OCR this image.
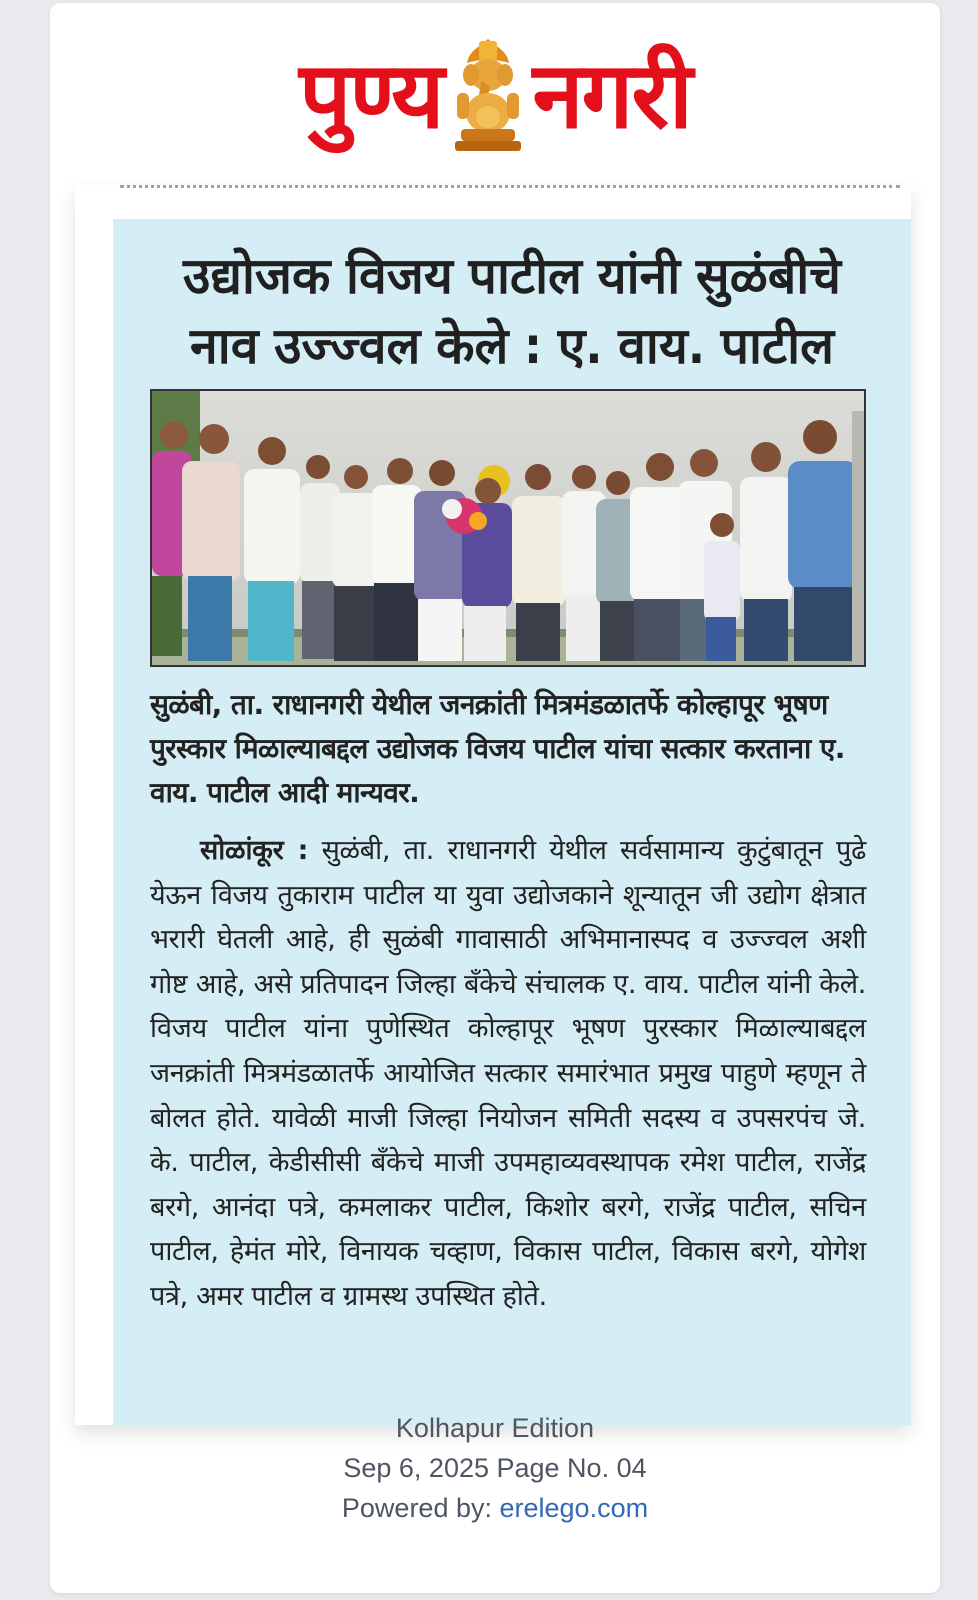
पुण्य नगरी
उद्योजक विजय पाटील यांनी सुळंबीचे
नाव उज्ज्वल केले : ए. वाय. पाटील
सुळंबी, ता. राधानगरी येथील जनक्रांती मित्रमंडळातर्फे कोल्हापूर भूषण पुरस्कार मिळाल्याबद्दल उद्योजक विजय पाटील यांचा सत्कार करताना ए. वाय. पाटील आदी मान्यवर.
सोळांकूर : सुळंबी, ता. राधानगरी येथील सर्वसामान्य कुटुंबातून पुढे येऊन विजय तुकाराम पाटील या युवा उद्योजकाने शून्यातून जी उद्योग क्षेत्रात भरारी घेतली आहे, ही सुळंबी गावासाठी अभिमानास्पद व उज्ज्वल अशी गोष्ट आहे, असे प्रतिपादन जिल्हा बँकेचे संचालक ए. वाय. पाटील यांनी केले. विजय पाटील यांना पुणेस्थित कोल्हापूर भूषण पुरस्कार मिळाल्याबद्दल जनक्रांती मित्रमंडळातर्फे आयोजित सत्कार समारंभात प्रमुख पाहुणे म्हणून ते बोलत होते. यावेळी माजी जिल्हा नियोजन समिती सदस्य व उपसरपंच जे. के. पाटील, केडीसीसी बँकेचे माजी उपमहाव्यवस्थापक रमेश पाटील, राजेंद्र बरगे, आनंदा पत्रे, कमलाकर पाटील, किशोर बरगे, राजेंद्र पाटील, सचिन पाटील, हेमंत मोरे, विनायक चव्हाण, विकास पाटील, विकास बरगे, योगेश पत्रे, अमर पाटील व ग्रामस्थ उपस्थित होते.
Kolhapur Edition
Sep 6, 2025 Page No. 04
Powered by: erelego.com
